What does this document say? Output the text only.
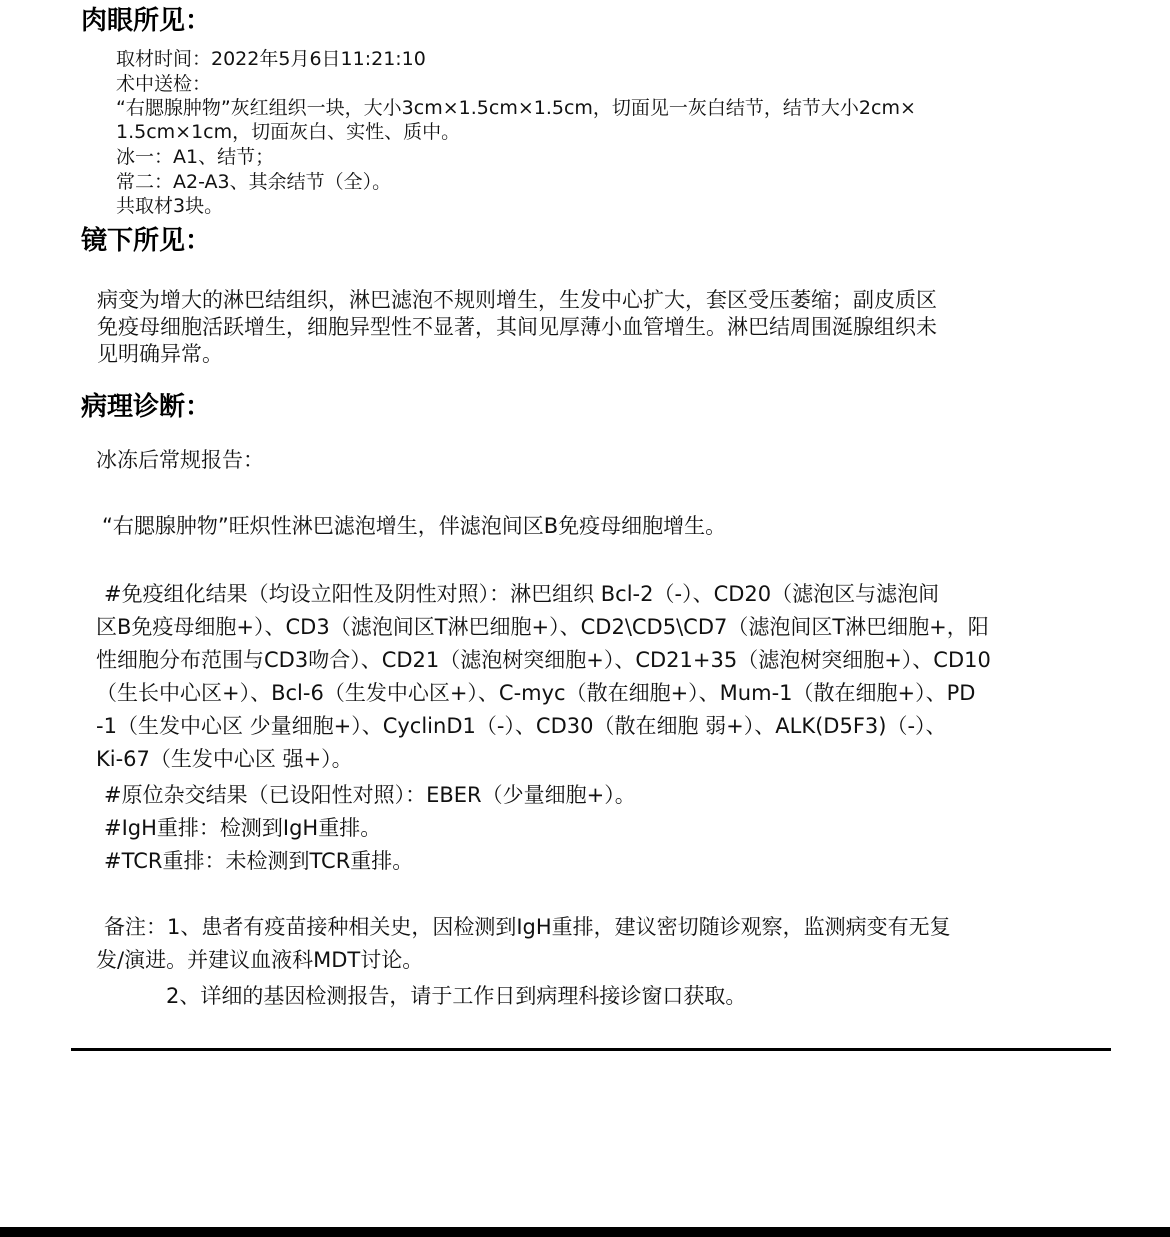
肉眼所见：
取材时间：2022年5月6日11:21:10
术中送检：
“右腮腺肿物”灰红组织一块，大小3cm×1.5cm×1.5cm，切面见一灰白结节，结节大小2cm×
1.5cm×1cm，切面灰白、实性、质中。
冰一：A1、结节；
常二：A2-A3、其余结节（全）。
共取材3块。
镜下所见：
病变为增大的淋巴结组织，淋巴滤泡不规则增生，生发中心扩大，套区受压萎缩；副皮质区
免疫母细胞活跃增生，细胞异型性不显著，其间见厚薄小血管增生。淋巴结周围涎腺组织未
见明确异常。
病理诊断：
冰冻后常规报告：
“右腮腺肿物”旺炽性淋巴滤泡增生，伴滤泡间区B免疫母细胞增生。
#免疫组化结果（均设立阳性及阴性对照）：淋巴组织 Bcl-2（-）、CD20（滤泡区与滤泡间
区B免疫母细胞+）、CD3（滤泡间区T淋巴细胞+）、CD2\CD5\CD7（滤泡间区T淋巴细胞+，阳
性细胞分布范围与CD3吻合）、CD21（滤泡树突细胞+）、CD21+35（滤泡树突细胞+）、CD10
（生长中心区+）、Bcl-6（生发中心区+）、C-myc（散在细胞+）、Mum-1（散在细胞+）、PD
-1（生发中心区 少量细胞+）、CyclinD1（-）、CD30（散在细胞 弱+）、ALK(D5F3)（-）、
Ki-67（生发中心区 强+）。
#原位杂交结果（已设阳性对照）：EBER（少量细胞+）。
#IgH重排：检测到IgH重排。
#TCR重排：未检测到TCR重排。
备注：1、患者有疫苗接种相关史，因检测到IgH重排，建议密切随诊观察，监测病变有无复
发/演进。并建议血液科MDT讨论。
2、详细的基因检测报告，请于工作日到病理科接诊窗口获取。
